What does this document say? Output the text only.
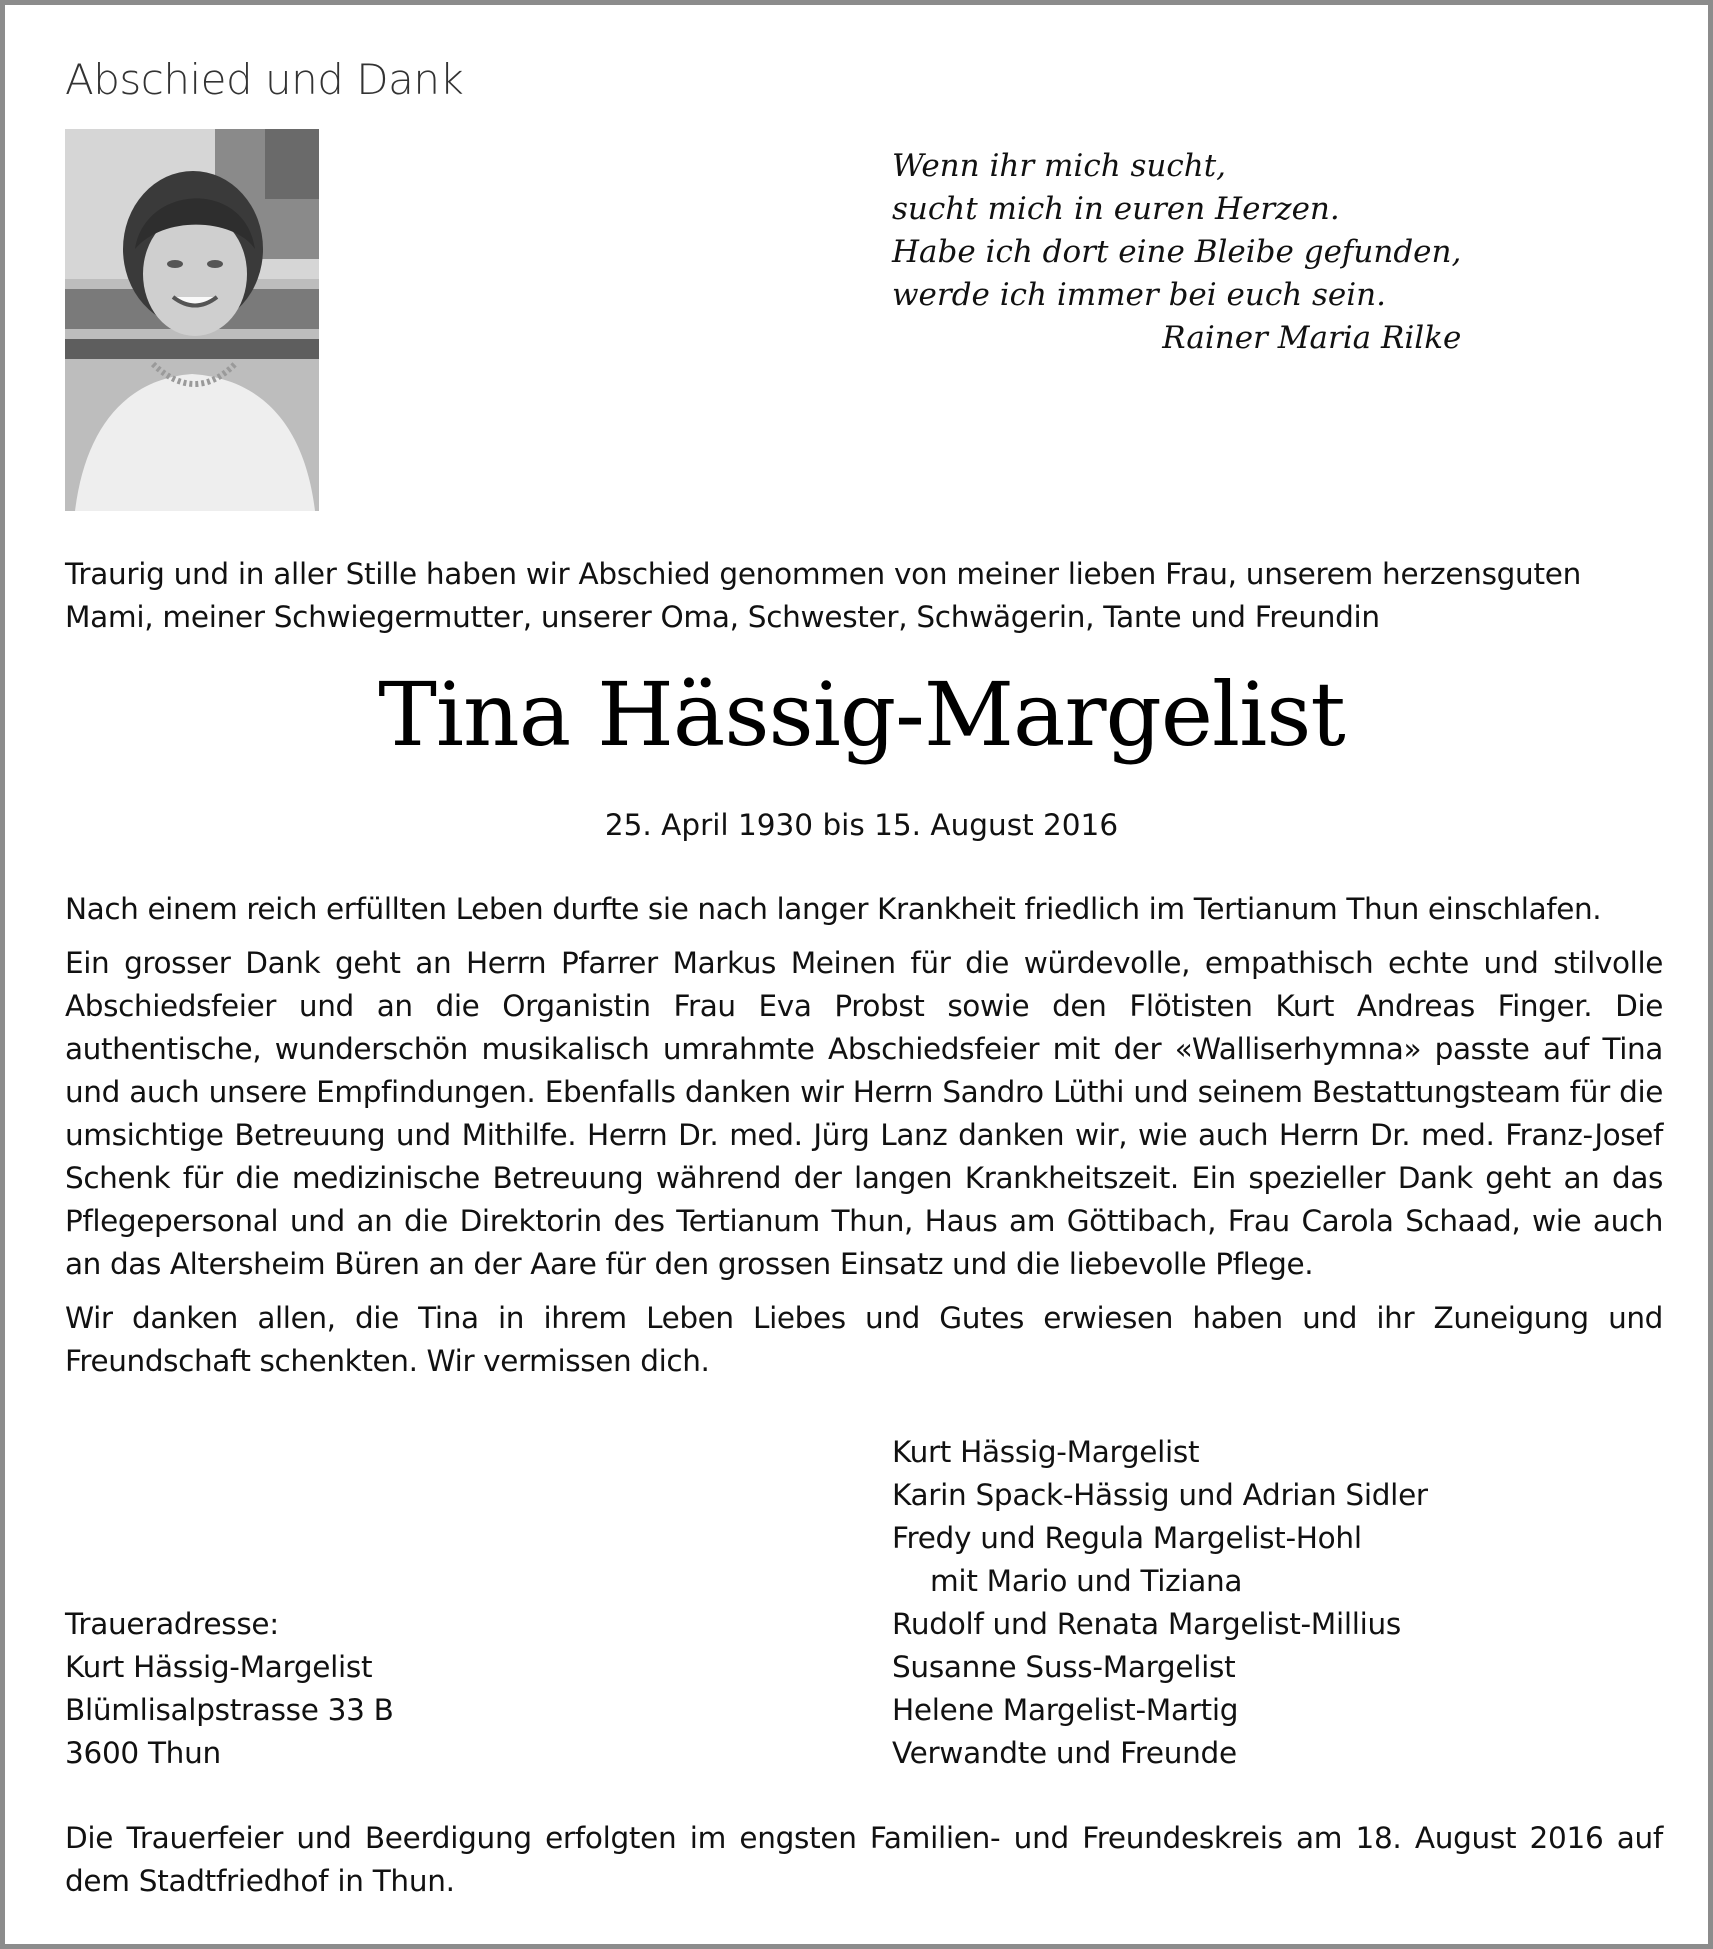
Abschied und Dank
Wenn ihr mich sucht,
sucht mich in euren Herzen.
Habe ich dort eine Bleibe gefunden,
werde ich immer bei euch sein.
Rainer Maria Rilke
Traurig und in aller Stille haben wir Abschied genommen von meiner lieben Frau, unserem herzensguten Mami, meiner Schwiegermutter, unserer Oma, Schwester, Schwägerin, Tante und Freundin
Tina Hässig-Margelist
25. April 1930 bis 15. August 2016

Nach einem reich erfüllten Leben durfte sie nach langer Krankheit friedlich im Tertianum Thun einschlafen.

Ein grosser Dank geht an Herrn Pfarrer Markus Meinen für die würdevolle, empathisch echte und stilvolle Abschiedsfeier und an die Organistin Frau Eva Probst sowie den Flötisten Kurt Andreas Finger. Die authentische, wunderschön musikalisch umrahmte Abschiedsfeier mit der «Walliserhymna» passte auf Tina und auch unsere Empfindungen. Ebenfalls danken wir Herrn Sandro Lüthi und seinem Bestattungsteam für die umsichtige Betreuung und Mithilfe. Herrn Dr. med. Jürg Lanz danken wir, wie auch Herrn Dr. med. Franz-Josef Schenk für die medizinische Betreuung während der langen Krankheitszeit. Ein spezieller Dank geht an das Pflegepersonal und an die Direktorin des Tertianum Thun, Haus am Göttibach, Frau Carola Schaad, wie auch an das Altersheim Büren an der Aare für den grossen Einsatz und die liebevolle Pflege.

Wir danken allen, die Tina in ihrem Leben Liebes und Gutes erwiesen haben und ihr Zuneigung und Freundschaft schenkten. Wir vermissen dich.

Kurt Hässig-Margelist
Karin Spack-Hässig und Adrian Sidler
Fredy und Regula Margelist-Hohl
mit Mario und Tiziana
Rudolf und Renata Margelist-Millius
Susanne Suss-Margelist
Helene Margelist-Martig
Verwandte und Freunde
Traueradresse:
Kurt Hässig-Margelist
Blümlisalpstrasse 33 B
3600 Thun
Die Trauerfeier und Beerdigung erfolgten im engsten Familien- und Freundeskreis am 18. August 2016 auf dem Stadtfriedhof in Thun.
